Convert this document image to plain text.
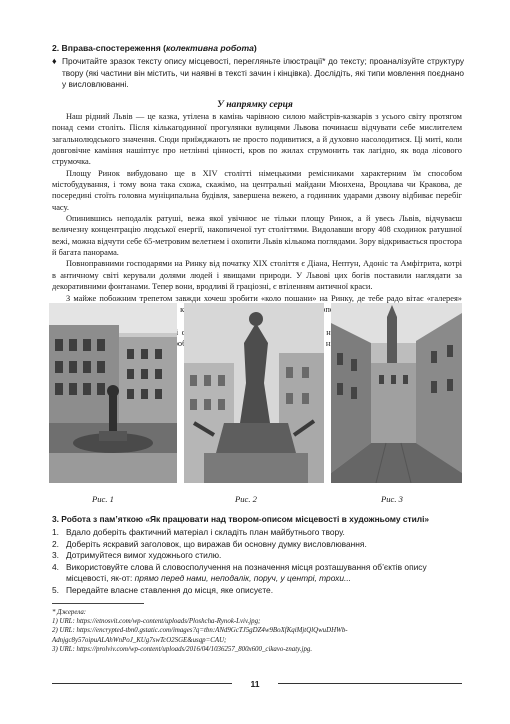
2. Вправа-спостереження (колективна робота)
♦ Прочитайте зразок тексту опису місцевості, перегляньте ілюстрації* до тексту; проаналізуйте структуру твору (які частини він містить, чи наявні в тексті зачин і кінцівка). Дослідіть, які типи мовлення поєднано у висловлюванні.

У напрямку серця

Наш рідний Львів — це казка, утілена в камінь чарівною силою майстрів-казкарів з усього світу протягом понад семи століть. Після кількагодинної прогулянки вулицями Львова починаєш відчувати себе мислителем загальнолюдського значення. Сюди приїжджають не просто подивитися, а й духовно насолодитися. Ці миті, коли довговічне каміння нашіптує про нетлінні цінності, кров по жилах струмонить так лагідно, як вода лісового струмочка.

Площу Ринок вибудовано ще в XIV столітті німецькими ремісниками характерним їм способом містобудування, і тому вона така схожа, скажімо, на центральні майдани Мюнхена, Вроцлава чи Кракова, де посередині стоїть головна муніципальна будівля, завершена вежею, а годинник ударами дзвону відбиває перебіг часу.

Опинившись неподалік ратуші, вежа якої увічнює не тільки площу Ринок, а й увесь Львів, відчуваєш величезну концентрацію людської енергії, накопиченої тут століттями. Видолавши вгору 408 сходинок ратушної вежі, можна відчути себе 65-метровим велетнем і охопити Львів кількома поглядами. Зору відкривається простора й багата панорама.

Повноправними господарями на Ринку від початку XIX століття є Діана, Нептун, Адоніс та Амфітрита, котрі в античному світі керували долями людей і явищами природи. У Львові цих богів поставили наглядати за декоративними фонтанами. Тепер вони, вродливі й граціозні, є втіленням античної краси.

З майже побожним трепетом завжди хочеш зробити «коло пошани» на Ринку, де тебе радо вітає «галерея»

на

Рис. 1	Рис. 2	Рис. 3
3. Робота з пам’яткою «Як працювати над твором-описом місцевості в художньому стилі»
1. Вдало доберіть фактичний матеріал і складіть план майбутнього твору.
2. Доберіть яскравий заголовок, що виражав би основну думку висловлювання.
3. Дотримуйтеся вимог художнього стилю.
4. Використовуйте слова й словосполучення на позначення місця розташування об’єктів опису місцевості, як-от: прямо перед нами, неподалік, поруч, у центрі, трохи...
5. Передайте власне ставлення до місця, яке описуєте.
* Джерела:
1) URL: https://etnosvit.com/wp-content/uploads/Ploshcha-Rynok-Lviv.jpg;
2) URL: https://encrypted-tbn0.gstatic.com/images?q=tbn:ANd9GcTJ5gDZ4w9BoXfKqiMjtQlQwuDHWb-Adnjgc8y57oipuALAhWnPoJ_KUg7swTcO2SGE&usqp=CAU;
3) URL: https://prolviv.com/wp-content/uploads/2016/04/1036257_800x600_cikavo-znaty.jpg.
11
